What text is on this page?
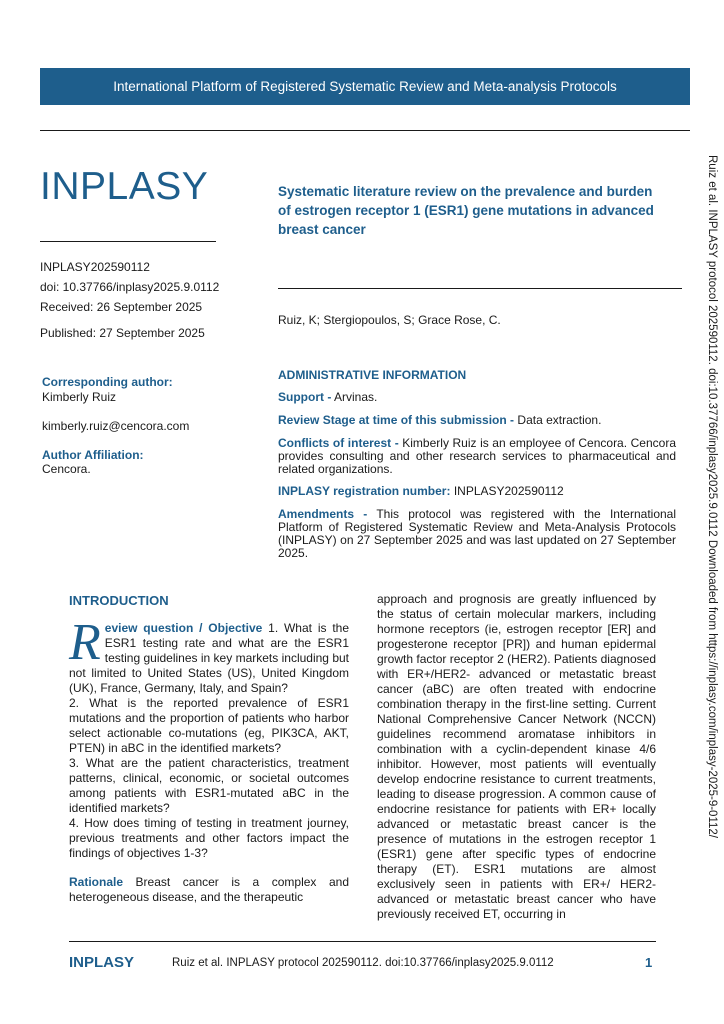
International Platform of Registered Systematic Review and Meta-analysis Protocols
INPLASY
INPLASY202590112
doi: 10.37766/inplasy2025.9.0112
Received: 26 September 2025
Published: 27 September 2025
Systematic literature review on the prevalence and burden of estrogen receptor 1 (ESR1) gene mutations in advanced breast cancer
Ruiz, K; Stergiopoulos, S; Grace Rose, C.
Corresponding author:
Kimberly Ruiz
kimberly.ruiz@cencora.com
Author Affiliation:
Cencora.
ADMINISTRATIVE INFORMATION
Support - Arvinas.
Review Stage at time of this submission - Data extraction.
Conflicts of interest - Kimberly Ruiz is an employee of Cencora. Cencora provides consulting and other research services to pharmaceutical and related organizations.
INPLASY registration number: INPLASY202590112
Amendments - This protocol was registered with the International Platform of Registered Systematic Review and Meta-Analysis Protocols (INPLASY) on 27 September 2025 and was last updated on 27 September 2025.
INTRODUCTION

Review question / Objective 1. What is the ESR1 testing rate and what are the ESR1 testing guidelines in key markets including but not limited to United States (US), United Kingdom (UK), France, Germany, Italy, and Spain?

2. What is the reported prevalence of ESR1 mutations and the proportion of patients who harbor select actionable co-mutations (eg, PIK3CA, AKT, PTEN) in aBC in the identified markets?

3. What are the patient characteristics, treatment patterns, clinical, economic, or societal outcomes among patients with ESR1-mutated aBC in the identified markets?

4. How does timing of testing in treatment journey, previous treatments and other factors impact the findings of objectives 1-3?

Rationale Breast cancer is a complex and heterogeneous disease, and the therapeutic

approach and prognosis are greatly influenced by the status of certain molecular markers, including hormone receptors (ie, estrogen receptor [ER] and progesterone receptor [PR]) and human epidermal growth factor receptor 2 (HER2). Patients diagnosed with ER+/HER2- advanced or metastatic breast cancer (aBC) are often treated with endocrine combination therapy in the first-line setting. Current National Comprehensive Cancer Network (NCCN) guidelines recommend aromatase inhibitors in combination with a cyclin-dependent kinase 4/6 inhibitor. However, most patients will eventually develop endocrine resistance to current treatments, leading to disease progression. A common cause of endocrine resistance for patients with ER+ locally advanced or metastatic breast cancer is the presence of mutations in the estrogen receptor 1 (ESR1) gene after specific types of endocrine therapy (ET). ESR1 mutations are almost exclusively seen in patients with ER+/ HER2- advanced or metastatic breast cancer who have previously received ET, occurring in
Ruiz et al. INPLASY protocol 202590112. doi:10.37766/inplasy2025.9.0112 Downloaded from https://inplasy.com/inplasy-2025-9-0112/
INPLASY	Ruiz et al. INPLASY protocol 202590112. doi:10.37766/inplasy2025.9.0112	1
